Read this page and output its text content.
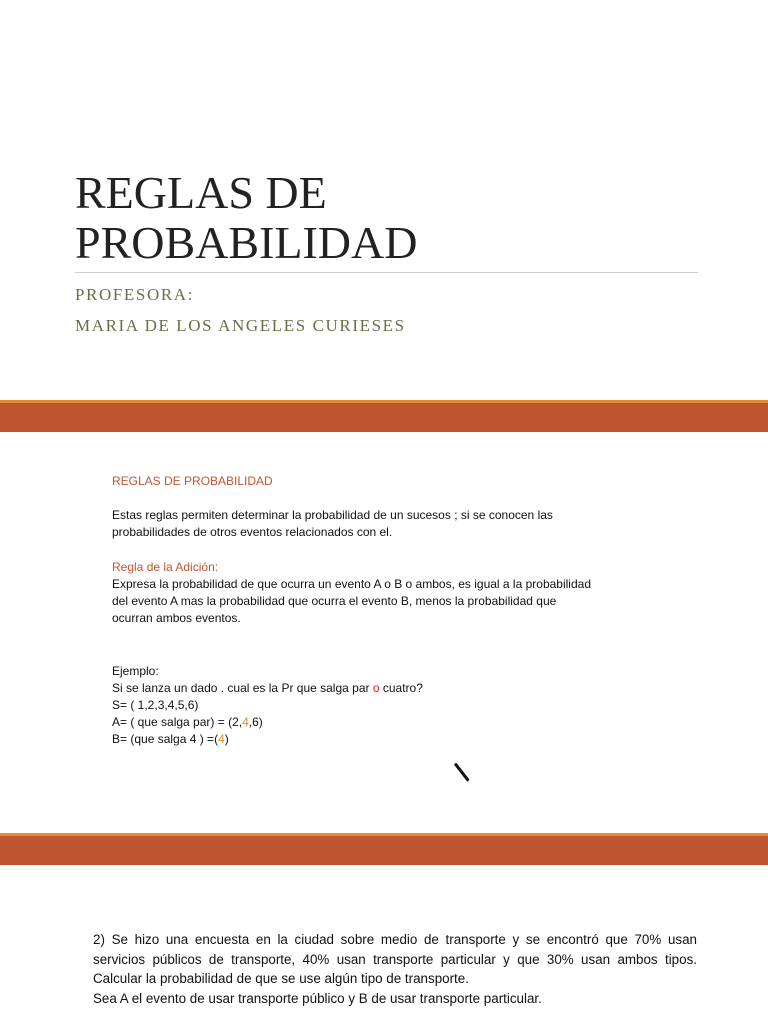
REGLAS DE
PROBABILIDAD
PROFESORA:
MARIA DE LOS ANGELES CURIESES
REGLAS DE PROBABILIDAD

Estas reglas permiten determinar la probabilidad de un sucesos ; si se conocen las

probabilidades de otros eventos relacionados con el.

Regla de la Adición:

Expresa la probabilidad de que ocurra un evento A o B o ambos, es igual a la probabilidad

del evento A mas la probabilidad que ocurra el evento B, menos la probabilidad que

ocurran ambos eventos.

Ejemplo:

Si se lanza un dado . cual es la Pr que salga par o cuatro?

S= ( 1,2,3,4,5,6)

A= ( que salga par) = (2,4,6)

B= (que salga 4 ) =(4)

2) Se hizo una encuesta en la ciudad sobre medio de transporte y se encontró que 70% usan servicios públicos de transporte, 40% usan transporte particular y que 30% usan ambos tipos. Calcular la probabilidad de que se use algún tipo de transporte.

Sea A el evento de usar transporte público y B de usar transporte particular.
